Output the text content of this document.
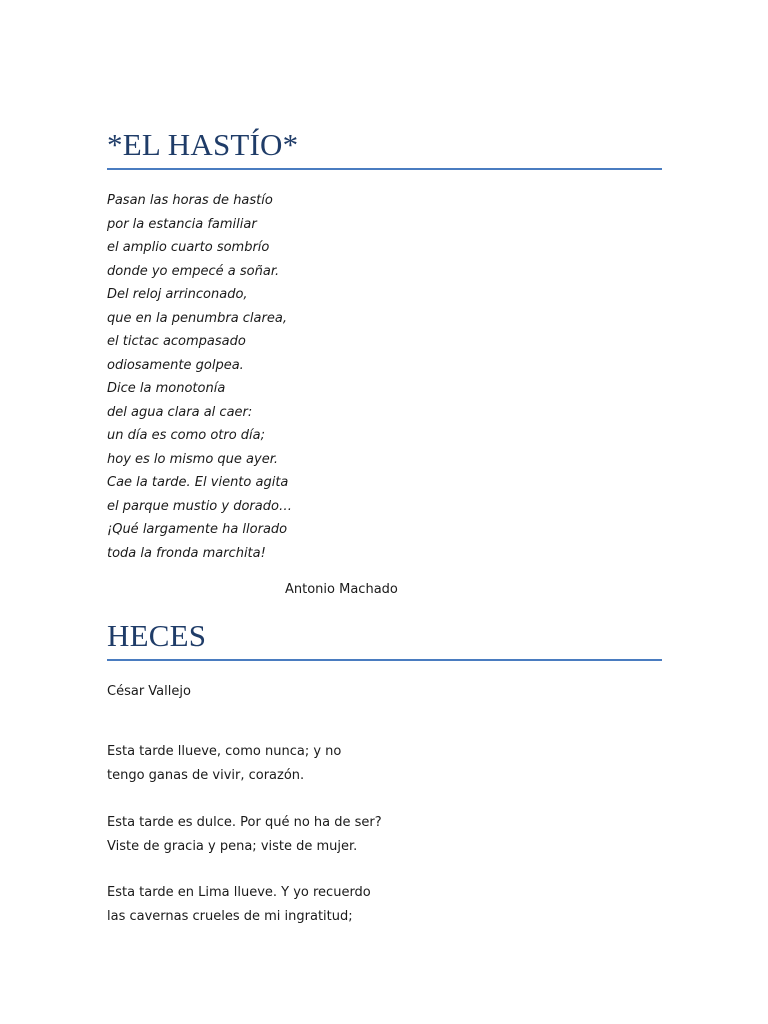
*EL HASTÍO*
Pasan las horas de hastío
por la estancia familiar
el amplio cuarto sombrío
donde yo empecé a soñar.
Del reloj arrinconado,
que en la penumbra clarea,
el tictac acompasado
odiosamente golpea.
Dice la monotonía
del agua clara al caer:
un día es como otro día;
hoy es lo mismo que ayer.
Cae la tarde. El viento agita
el parque mustio y dorado…
¡Qué largamente ha llorado
toda la fronda marchita!
Antonio Machado
HECES
César Vallejo
Esta tarde llueve, como nunca; y no
tengo ganas de vivir, corazón.
Esta tarde es dulce. Por qué no ha de ser?
Viste de gracia y pena; viste de mujer.
Esta tarde en Lima llueve. Y yo recuerdo
las cavernas crueles de mi ingratitud;
